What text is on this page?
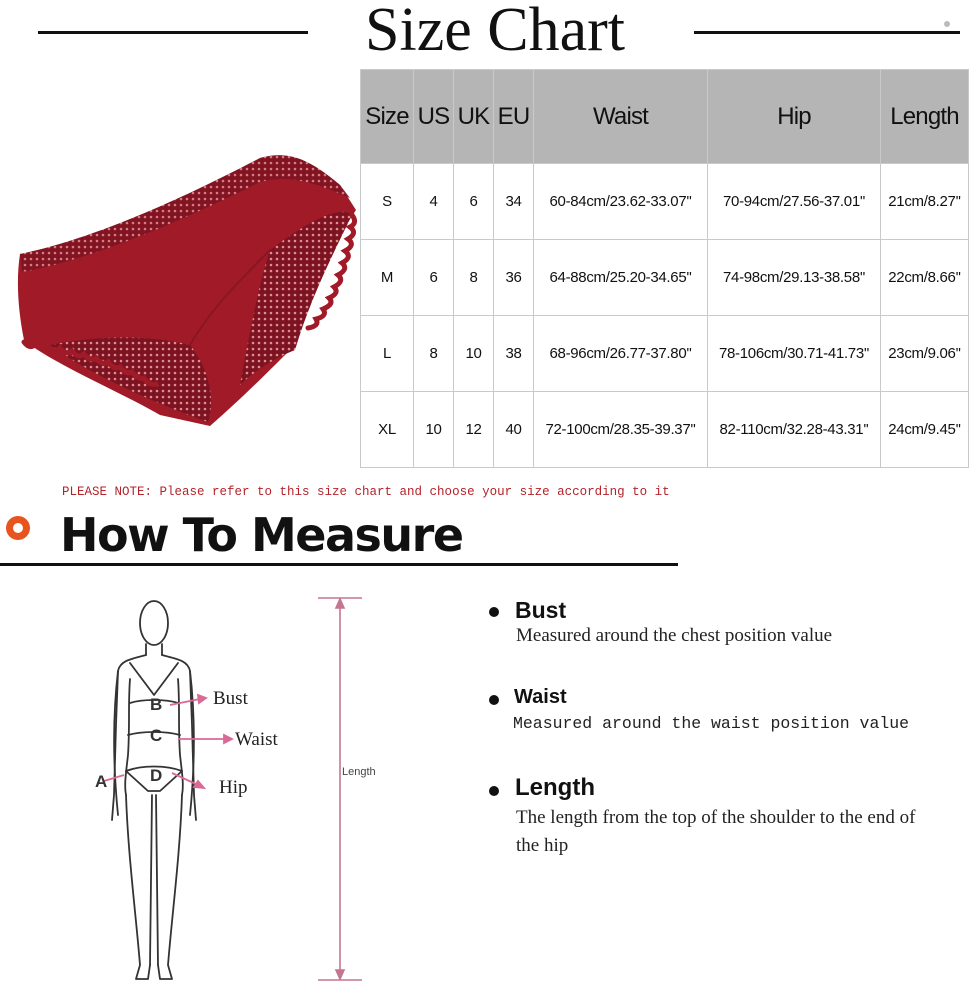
Size Chart
Size	US	UK	EU	Waist	Hip	Length
S	4	6	34	60-84cm/23.62-33.07''	70-94cm/27.56-37.01''	21cm/8.27''
M	6	8	36	64-88cm/25.20-34.65''	74-98cm/29.13-38.58''	22cm/8.66''
L	8	10	38	68-96cm/26.77-37.80''	78-106cm/30.71-41.73''	23cm/9.06''
XL	10	12	40	72-100cm/28.35-39.37''	82-110cm/32.28-43.31''	24cm/9.45''
PLEASE NOTE: Please refer to this size chart and choose your size according to it
How To Measure
A
B
C
D
Bust
Waist
Hip
Length
Bust
Measured around the chest position value
Waist
Measured around the waist position value
Length
The length from the top of the shoulder to the end of the hip
